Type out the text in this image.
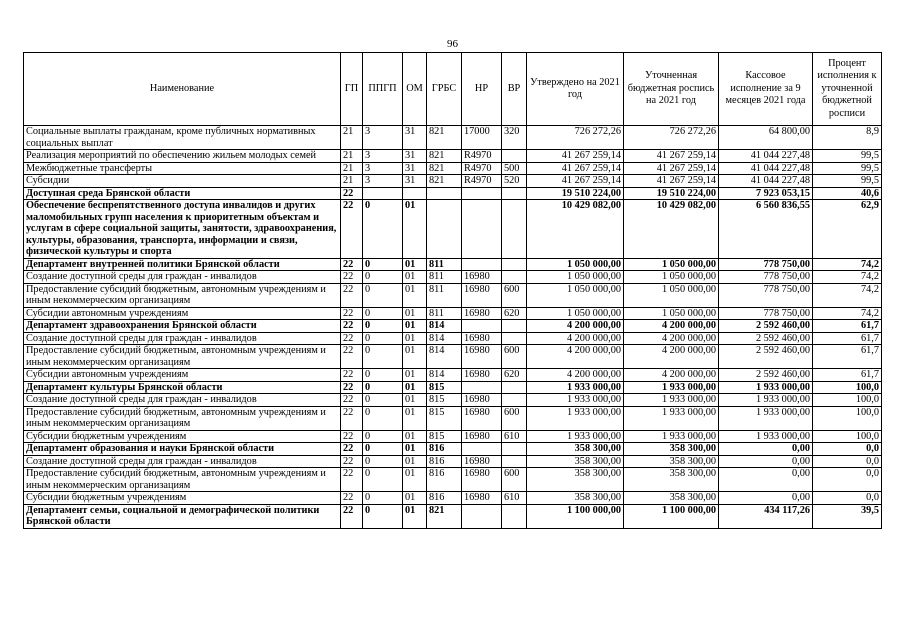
96
Наименование	ГП	ППГП	ОМ	ГРБС	НР	ВР	Утверждено на 2021 год	Уточненная бюджетная роспись на 2021 год	Кассовое исполнение за 9 месяцев 2021 года	Процент исполнения к уточненной бюджетной росписи
Социальные выплаты гражданам, кроме публичных нормативных социальных выплат	21	3	31	821	17000	320	726 272,26	726 272,26	64 800,00	8,9
Реализация мероприятий по обеспечению жильем молодых семей	21	3	31	821	R4970		41 267 259,14	41 267 259,14	41 044 227,48	99,5
Межбюджетные трансферты	21	3	31	821	R4970	500	41 267 259,14	41 267 259,14	41 044 227,48	99,5
Субсидии	21	3	31	821	R4970	520	41 267 259,14	41 267 259,14	41 044 227,48	99,5
Доступная среда Брянской области	22						19 510 224,00	19 510 224,00	7 923 053,15	40,6
Обеспечение беспрепятственного доступа инвалидов и других маломобильных групп населения к приоритетным объектам и услугам в сфере социальной защиты, занятости, здравоохранения, культуры, образования, транспорта, информации и связи, физической культуры и спорта	22	0	01				10 429 082,00	10 429 082,00	6 560 836,55	62,9
Департамент внутренней политики Брянской области	22	0	01	811			1 050 000,00	1 050 000,00	778 750,00	74,2
Создание доступной среды для граждан - инвалидов	22	0	01	811	16980		1 050 000,00	1 050 000,00	778 750,00	74,2
Предоставление субсидий бюджетным, автономным учреждениям и иным некоммерческим организациям	22	0	01	811	16980	600	1 050 000,00	1 050 000,00	778 750,00	74,2
Субсидии автономным учреждениям	22	0	01	811	16980	620	1 050 000,00	1 050 000,00	778 750,00	74,2
Департамент здравоохранения Брянской области	22	0	01	814			4 200 000,00	4 200 000,00	2 592 460,00	61,7
Создание доступной среды для граждан - инвалидов	22	0	01	814	16980		4 200 000,00	4 200 000,00	2 592 460,00	61,7
Предоставление субсидий бюджетным, автономным учреждениям и иным некоммерческим организациям	22	0	01	814	16980	600	4 200 000,00	4 200 000,00	2 592 460,00	61,7
Субсидии автономным учреждениям	22	0	01	814	16980	620	4 200 000,00	4 200 000,00	2 592 460,00	61,7
Департамент культуры Брянской области	22	0	01	815			1 933 000,00	1 933 000,00	1 933 000,00	100,0
Создание доступной среды для граждан - инвалидов	22	0	01	815	16980		1 933 000,00	1 933 000,00	1 933 000,00	100,0
Предоставление субсидий бюджетным, автономным учреждениям и иным некоммерческим организациям	22	0	01	815	16980	600	1 933 000,00	1 933 000,00	1 933 000,00	100,0
Субсидии бюджетным учреждениям	22	0	01	815	16980	610	1 933 000,00	1 933 000,00	1 933 000,00	100,0
Департамент образования и науки Брянской области	22	0	01	816			358 300,00	358 300,00	0,00	0,0
Создание доступной среды для граждан - инвалидов	22	0	01	816	16980		358 300,00	358 300,00	0,00	0,0
Предоставление субсидий бюджетным, автономным учреждениям и иным некоммерческим организациям	22	0	01	816	16980	600	358 300,00	358 300,00	0,00	0,0
Субсидии бюджетным учреждениям	22	0	01	816	16980	610	358 300,00	358 300,00	0,00	0,0
Департамент семьи, социальной и демографической политики Брянской области	22	0	01	821			1 100 000,00	1 100 000,00	434 117,26	39,5
